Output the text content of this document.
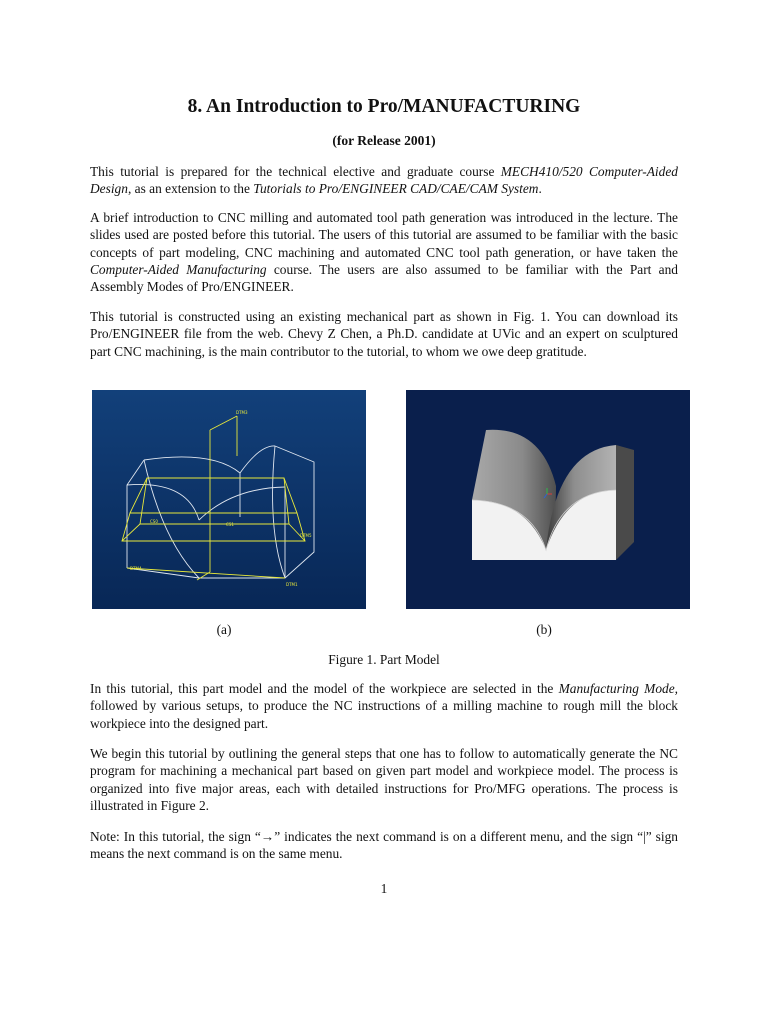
8. An Introduction to Pro/MANUFACTURING

(for Release 2001)

This tutorial is prepared for the technical elective and graduate course MECH410/520 Computer-Aided Design, as an extension to the Tutorials to Pro/ENGINEER CAD/CAE/CAM System.

A brief introduction to CNC milling and automated tool path generation was introduced in the lecture. The slides used are posted before this tutorial. The users of this tutorial are assumed to be familiar with the basic concepts of part modeling, CNC machining and automated CNC tool path generation, or have taken the Computer-Aided Manufacturing course. The users are also assumed to be familiar with the Part and Assembly Modes of Pro/ENGINEER.

This tutorial is constructed using an existing mechanical part as shown in Fig. 1. You can download its Pro/ENGINEER file from the web. Chevy Z Chen, a Ph.D. candidate at UVic and an expert on sculptured part CNC machining, is the main contributor to the tutorial, to whom we owe deep gratitude.

DTM3
CS0
CS1
DTM5
DTM4
DTM1
(a)	(b)
Figure 1. Part Model

In this tutorial, this part model and the model of the workpiece are selected in the Manufacturing Mode, followed by various setups, to produce the NC instructions of a milling machine to rough mill the block workpiece into the designed part.

We begin this tutorial by outlining the general steps that one has to follow to automatically generate the NC program for machining a mechanical part based on given part model and workpiece model. The process is organized into five major areas, each with detailed instructions for Pro/MFG operations. The process is illustrated in Figure 2.

Note: In this tutorial, the sign “→” indicates the next command is on a different menu, and the sign “|” sign means the next command is on the same menu.

1
